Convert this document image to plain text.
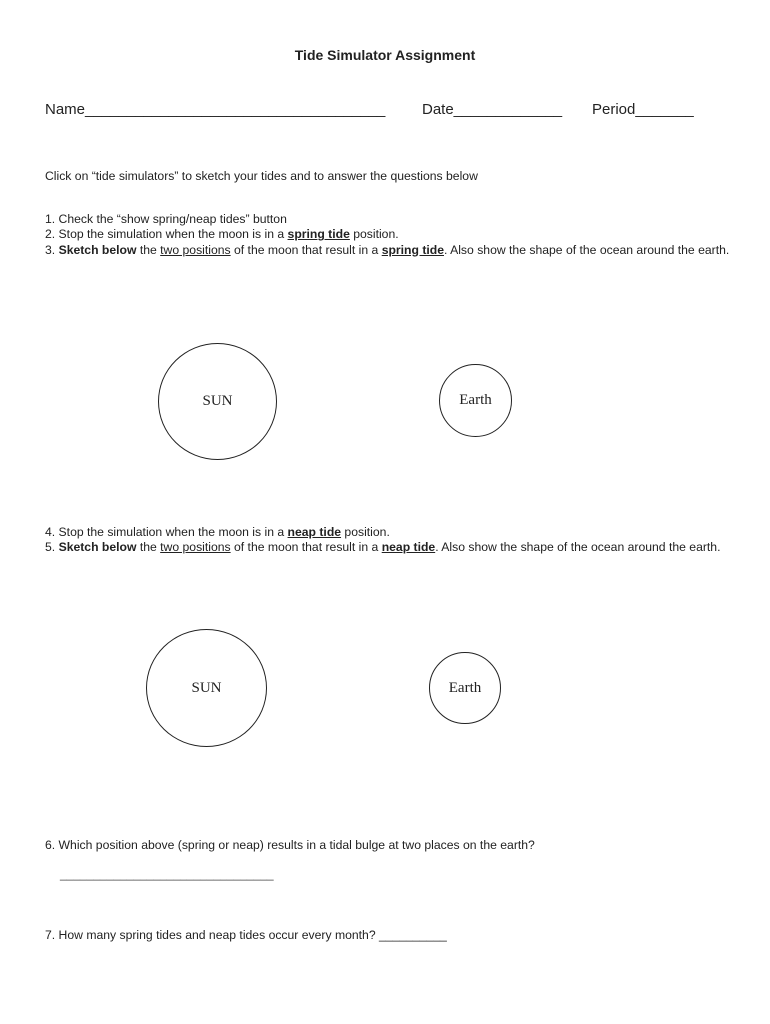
Tide Simulator Assignment
Name____________________________________ Date_____________ Period_______
Click on “tide simulators” to sketch your tides and to answer the questions below
1. Check the “show spring/neap tides” button
2. Stop the simulation when the moon is in a spring tide position.
3. Sketch below the two positions of the moon that result in a spring tide. Also show the shape of the ocean around the earth.
SUN	Earth
4. Stop the simulation when the moon is in a neap tide position.
5. Sketch below the two positions of the moon that result in a neap tide. Also show the shape of the ocean around the earth.
SUN	Earth
6. Which position above (spring or neap) results in a tidal bulge at two places on the earth?
________________________________
7. How many spring tides and neap tides occur every month? __________
